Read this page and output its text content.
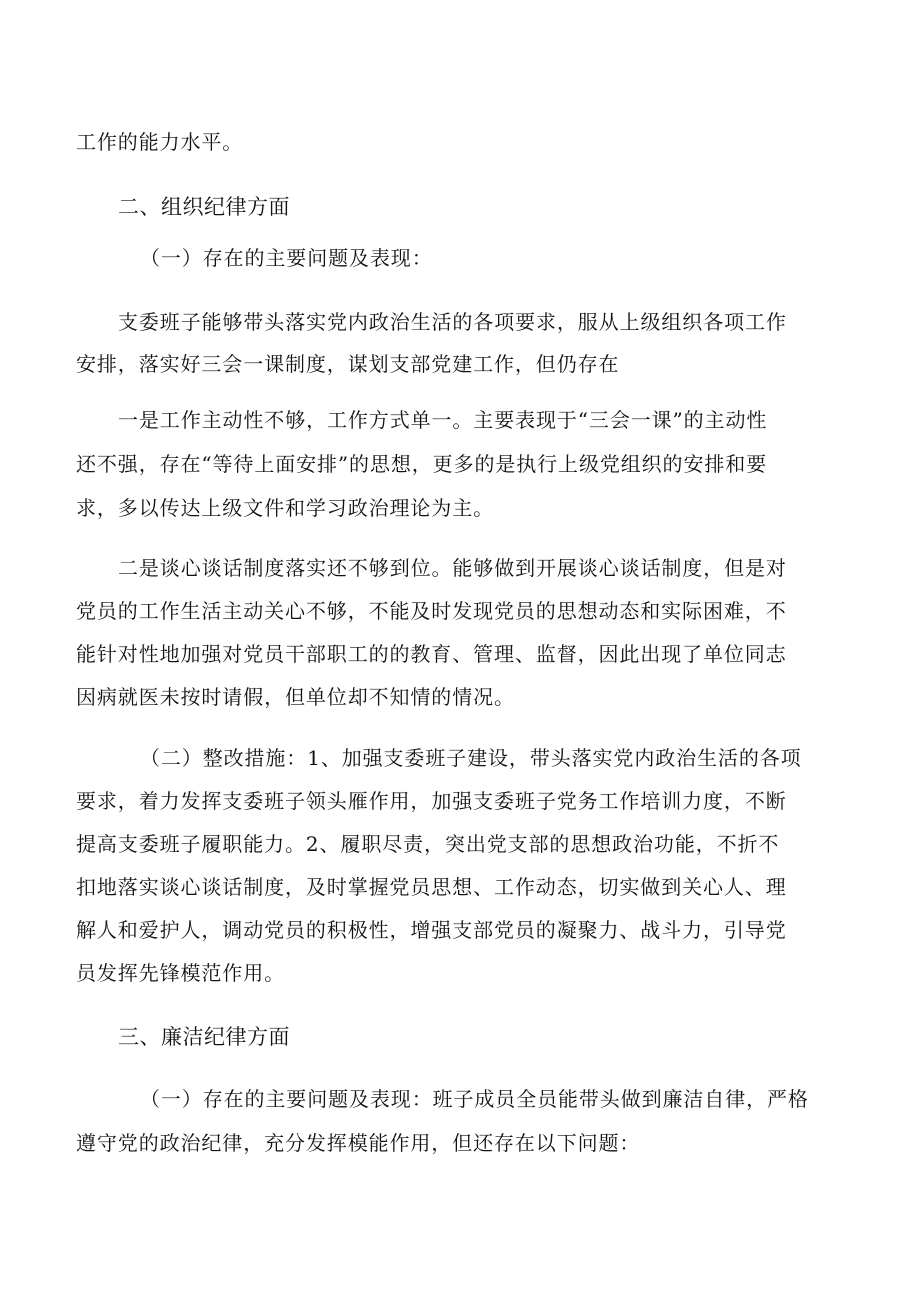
工作的能力水平。
二、组织纪律方面
（一）存在的主要问题及表现：
支委班子能够带头落实党内政治生活的各项要求，服从上级组织各项工作
安排，落实好三会一课制度，谋划支部党建工作，但仍存在
一是工作主动性不够，工作方式单一。主要表现于“三会一课”的主动性
还不强，存在“等待上面安排”的思想，更多的是执行上级党组织的安排和要
求，多以传达上级文件和学习政治理论为主。
二是谈心谈话制度落实还不够到位。能够做到开展谈心谈话制度，但是对
党员的工作生活主动关心不够，不能及时发现党员的思想动态和实际困难，不
能针对性地加强对党员干部职工的的教育、管理、监督，因此出现了单位同志
因病就医未按时请假，但单位却不知情的情况。
（二）整改措施：1、加强支委班子建设，带头落实党内政治生活的各项
要求，着力发挥支委班子领头雁作用，加强支委班子党务工作培训力度，不断
提高支委班子履职能力。2、履职尽责，突出党支部的思想政治功能，不折不
扣地落实谈心谈话制度，及时掌握党员思想、工作动态，切实做到关心人、理
解人和爱护人，调动党员的积极性，增强支部党员的凝聚力、战斗力，引导党
员发挥先锋模范作用。
三、廉洁纪律方面
（一）存在的主要问题及表现：班子成员全员能带头做到廉洁自律，严格
遵守党的政治纪律，充分发挥模能作用，但还存在以下问题：
